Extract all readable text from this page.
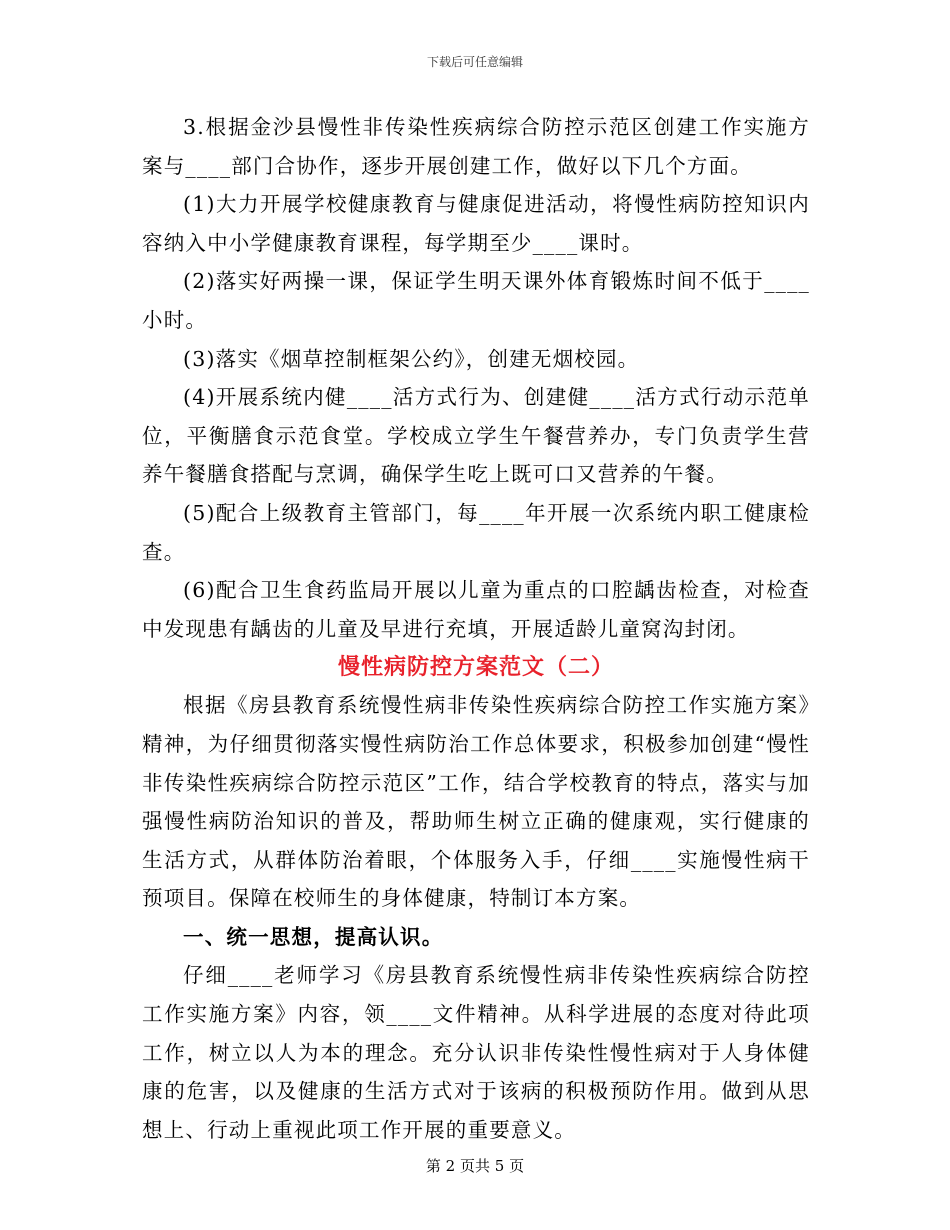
下载后可任意编辑

3.根据金沙县慢性非传染性疾病综合防控示范区创建工作实施方案与____部门合协作，逐步开展创建工作，做好以下几个方面。

(1)大力开展学校健康教育与健康促进活动，将慢性病防控知识内容纳入中小学健康教育课程，每学期至少____课时。

(2)落实好两操一课，保证学生明天课外体育锻炼时间不低于____小时。

(3)落实《烟草控制框架公约》，创建无烟校园。

(4)开展系统内健____活方式行为、创建健____活方式行动示范单位，平衡膳食示范食堂。学校成立学生午餐营养办，专门负责学生营养午餐膳食搭配与烹调，确保学生吃上既可口又营养的午餐。

(5)配合上级教育主管部门，每____年开展一次系统内职工健康检查。

(6)配合卫生食药监局开展以儿童为重点的口腔龋齿检查，对检查中发现患有龋齿的儿童及早进行充填，开展适龄儿童窝沟封闭。

慢性病防控方案范文（二）

根据《房县教育系统慢性病非传染性疾病综合防控工作实施方案》精神，为仔细贯彻落实慢性病防治工作总体要求，积极参加创建“慢性非传染性疾病综合防控示范区”工作，结合学校教育的特点，落实与加强慢性病防治知识的普及，帮助师生树立正确的健康观，实行健康的生活方式，从群体防治着眼，个体服务入手，仔细____实施慢性病干预项目。保障在校师生的身体健康，特制订本方案。

一、统一思想，提高认识。

仔细____老师学习《房县教育系统慢性病非传染性疾病综合防控工作实施方案》内容，领____文件精神。从科学进展的态度对待此项工作，树立以人为本的理念。充分认识非传染性慢性病对于人身体健康的危害，以及健康的生活方式对于该病的积极预防作用。做到从思想上、行动上重视此项工作开展的重要意义。

第 2 页共 5 页
